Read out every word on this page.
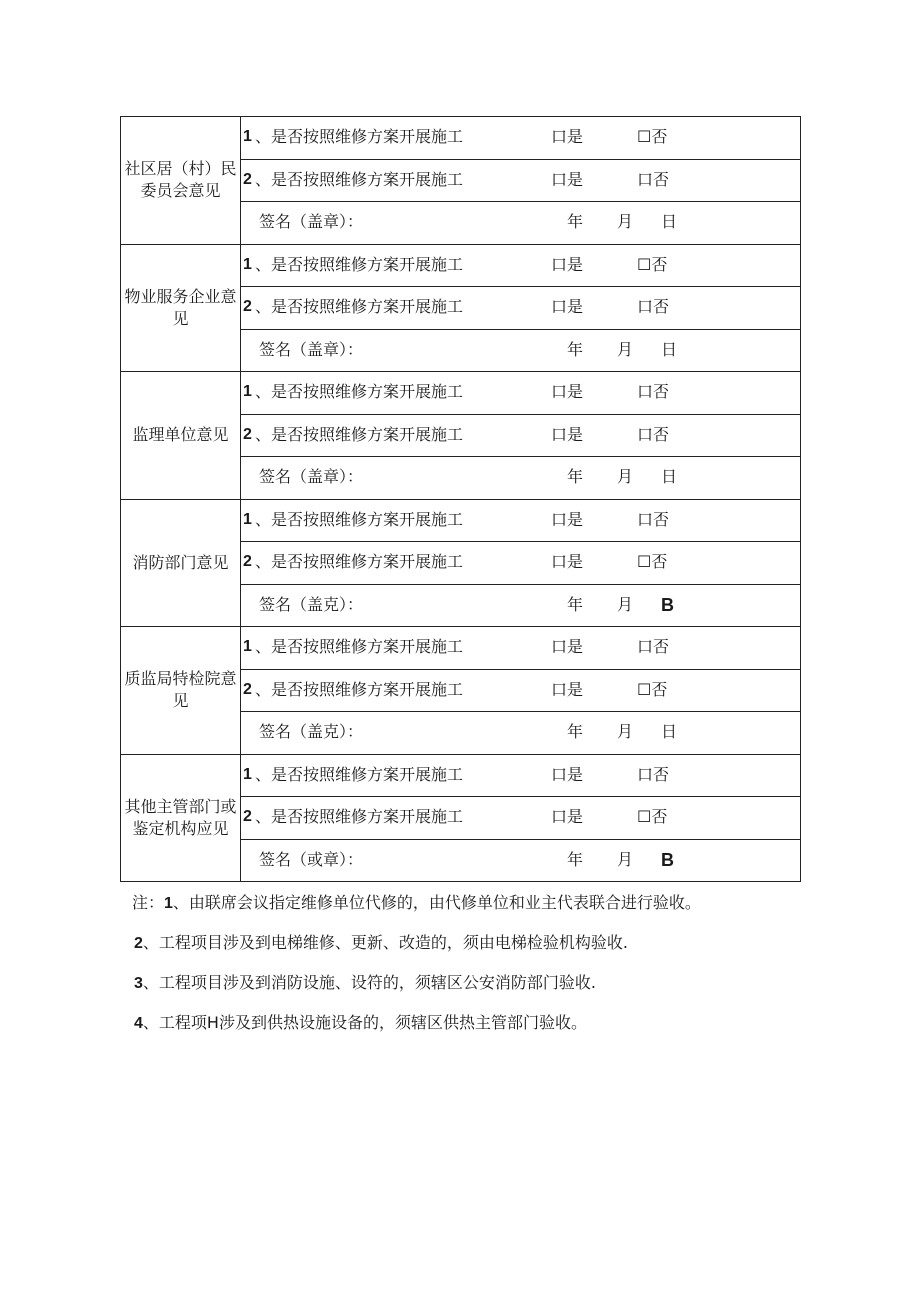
社区居（村）民委员会意见	1 、是否按照维修方案开展施工 口是 ☐否

	2 、是否按照维修方案开展施工 口是 口否

	签名（盖章）： 年 月 日

物业服务企业意见	1 、是否按照维修方案开展施工 口是 ☐否

	2 、是否按照维修方案开展施工 口是 口否

	签名（盖章）： 年 月 日

监理单位意见	1 、是否按照维修方案开展施工 口是 口否

	2 、是否按照维修方案开展施工 口是 口否

	签名（盖章）： 年 月 日

消防部门意见	1 、是否按照维修方案开展施工 口是 口否

	2 、是否按照维修方案开展施工 口是 ☐否

	签名（盖克）： 年 月 B

质监局特检院意见	1 、是否按照维修方案开展施工 口是 口否

	2 、是否按照维修方案开展施工 口是 ☐否

	签名（盖克）： 年 月 日

其他主管部门或鉴定机构应见	1 、是否按照维修方案开展施工 口是 口否

	2 、是否按照维修方案开展施工 口是 ☐否

	签名（或章）： 年 月 B
注：1、由联席会议指定维修单位代修的，由代修单位和业主代表联合进行验收。
2、工程项目涉及到电梯维修、更新、改造的，须由电梯检验机构验收.
3、工程项目涉及到消防设施、设符的，须辖区公安消防部门验收.
4、工程项H涉及到供热设施设备的，须辖区供热主管部门验收。
